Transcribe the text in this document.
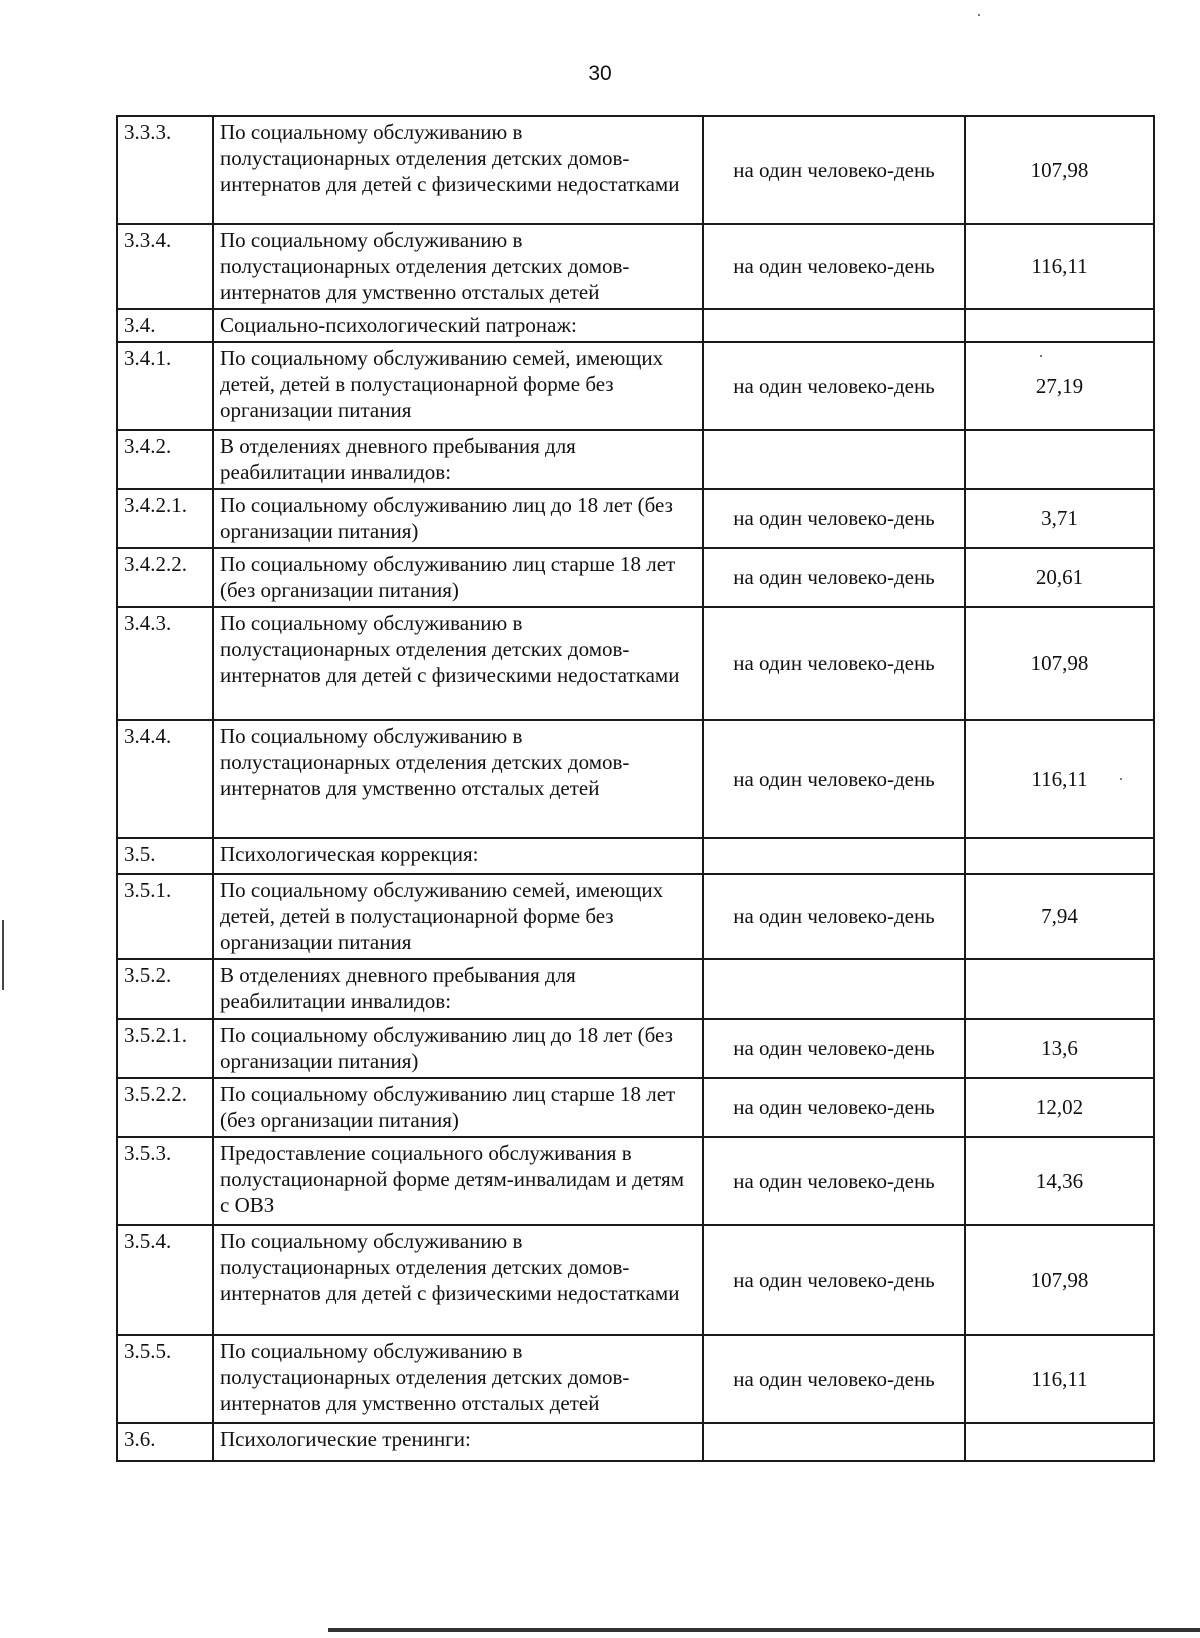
30
3.3.3.	По социальному обслуживанию в полустационарных отделения детских домов-интернатов для детей с физическими недостатками	на один человеко-день	107,98
3.3.4.	По социальному обслуживанию в полустационарных отделения детских домов-интернатов для умственно отсталых детей	на один человеко-день	116,11
3.4.	Социально-психологический патронаж:		
3.4.1.	По социальному обслуживанию семей, имеющих детей, детей в полустационарной форме без организации питания	на один человеко-день	27,19
3.4.2.	В отделениях дневного пребывания для реабилитации инвалидов:		
3.4.2.1.	По социальному обслуживанию лиц до 18 лет (без организации питания)	на один человеко-день	3,71
3.4.2.2.	По социальному обслуживанию лиц старше 18 лет (без организации питания)	на один человеко-день	20,61
3.4.3.	По социальному обслуживанию в полустационарных отделения детских домов-интернатов для детей с физическими недостатками	на один человеко-день	107,98
3.4.4.	По социальному обслуживанию в полустационарных отделения детских домов-интернатов для умственно отсталых детей	на один человеко-день	116,11
3.5.	Психологическая коррекция:		
3.5.1.	По социальному обслуживанию семей, имеющих детей, детей в полустационарной форме без организации питания	на один человеко-день	7,94
3.5.2.	В отделениях дневного пребывания для реабилитации инвалидов:		
3.5.2.1.	По социальному обслуживанию лиц до 18 лет (без организации питания)	на один человеко-день	13,6
3.5.2.2.	По социальному обслуживанию лиц старше 18 лет (без организации питания)	на один человеко-день	12,02
3.5.3.	Предоставление социального обслуживания в полустационарной форме детям-инвалидам и детям с ОВЗ	на один человеко-день	14,36
3.5.4.	По социальному обслуживанию в полустационарных отделения детских домов-интернатов для детей с физическими недостатками	на один человеко-день	107,98
3.5.5.	По социальному обслуживанию в полустационарных отделения детских домов-интернатов для умственно отсталых детей	на один человеко-день	116,11
3.6.	Психологические тренинги:		
